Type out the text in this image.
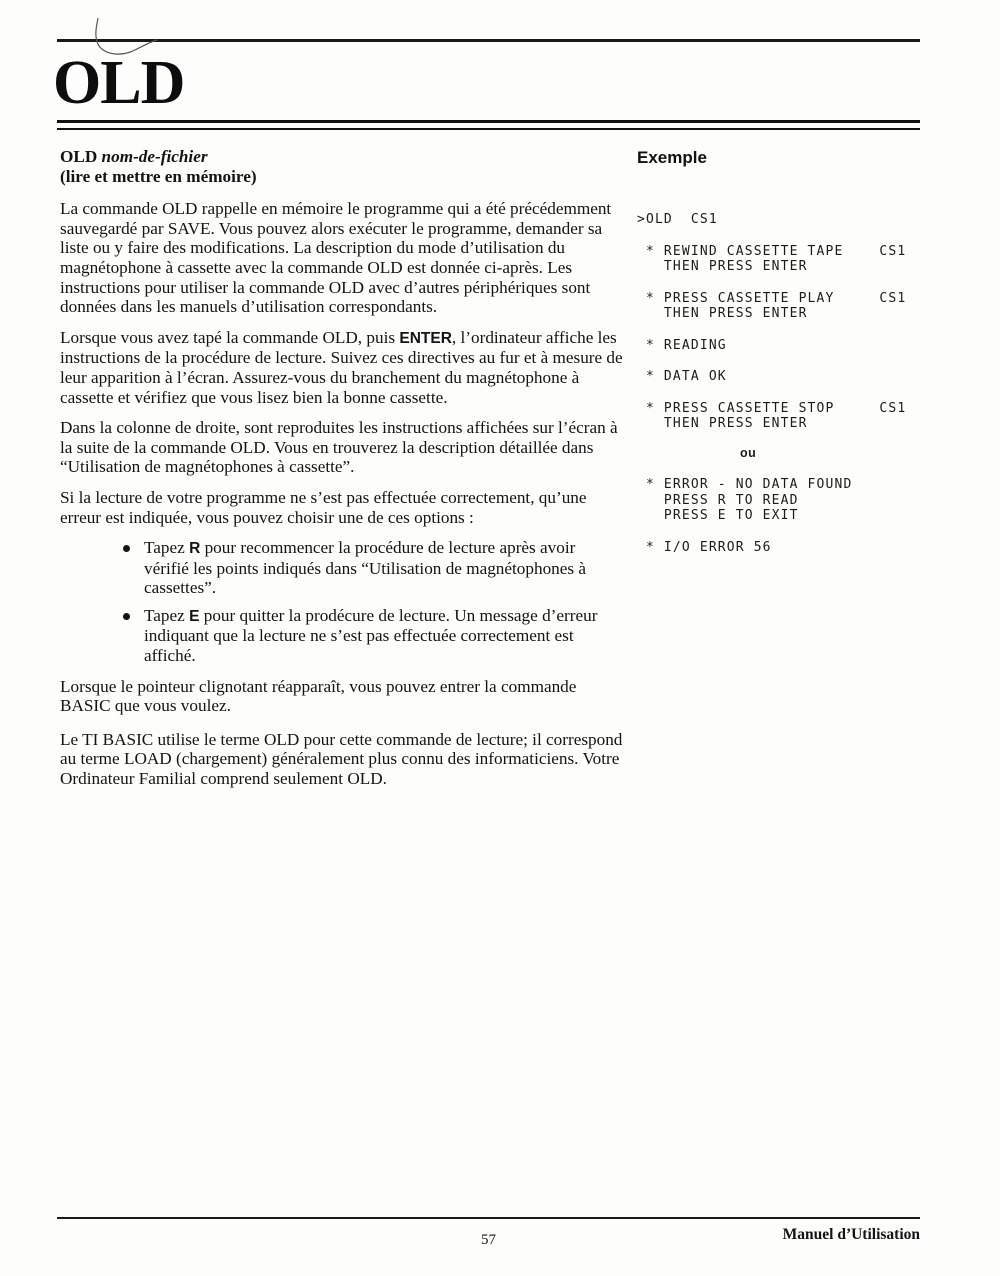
OLD
OLD nom-de-fichier
(lire et mettre en mémoire)

La commande OLD rappelle en mémoire le programme qui a été précédemment sauvegardé par SAVE. Vous pouvez alors exécuter le programme, demander sa liste ou y faire des modifications. La description du mode d’utilisation du magnétophone à cassette avec la commande OLD est donnée ci-après. Les instructions pour utiliser la commande OLD avec d’autres périphériques sont données dans les manuels d’utilisation correspondants.

Lorsque vous avez tapé la commande OLD, puis ENTER, l’ordinateur affiche les instructions de la procédure de lecture. Suivez ces directives au fur et à mesure de leur apparition à l’écran. Assurez-vous du branchement du magnétophone à cassette et vérifiez que vous lisez bien la bonne cassette.

Dans la colonne de droite, sont reproduites les instructions affichées sur l’écran à la suite de la commande OLD. Vous en trouverez la description détaillée dans “Utilisation de magnétophones à cassette”.

Si la lecture de votre programme ne s’est pas effectuée correctement, qu’une erreur est indiquée, vous pouvez choisir une de ces options :

Tapez R pour recommencer la procédure de lecture après avoir vérifié les points indiqués dans “Utilisation de magnétophones à cassettes”.
Tapez E pour quitter la prodécure de lecture. Un message d’erreur indiquant que la lecture ne s’est pas effectuée correctement est affiché.

Lorsque le pointeur clignotant réapparaît, vous pouvez entrer la commande BASIC que vous voulez.

Le TI BASIC utilise le terme OLD pour cette commande de lecture; il correspond au terme LOAD (chargement) généralement plus connu des informaticiens. Votre Ordinateur Familial comprend seulement OLD.

Exemple
>OLD  CS1
* REWIND CASSETTE TAPE    CS1
THEN PRESS ENTER
* PRESS CASSETTE PLAY     CS1
THEN PRESS ENTER
* READING
* DATA OK
* PRESS CASSETTE STOP     CS1
THEN PRESS ENTER
ou
* ERROR - NO DATA FOUND
PRESS R TO READ
PRESS E TO EXIT
* I/O ERROR 56
57	Manuel d’Utilisation
